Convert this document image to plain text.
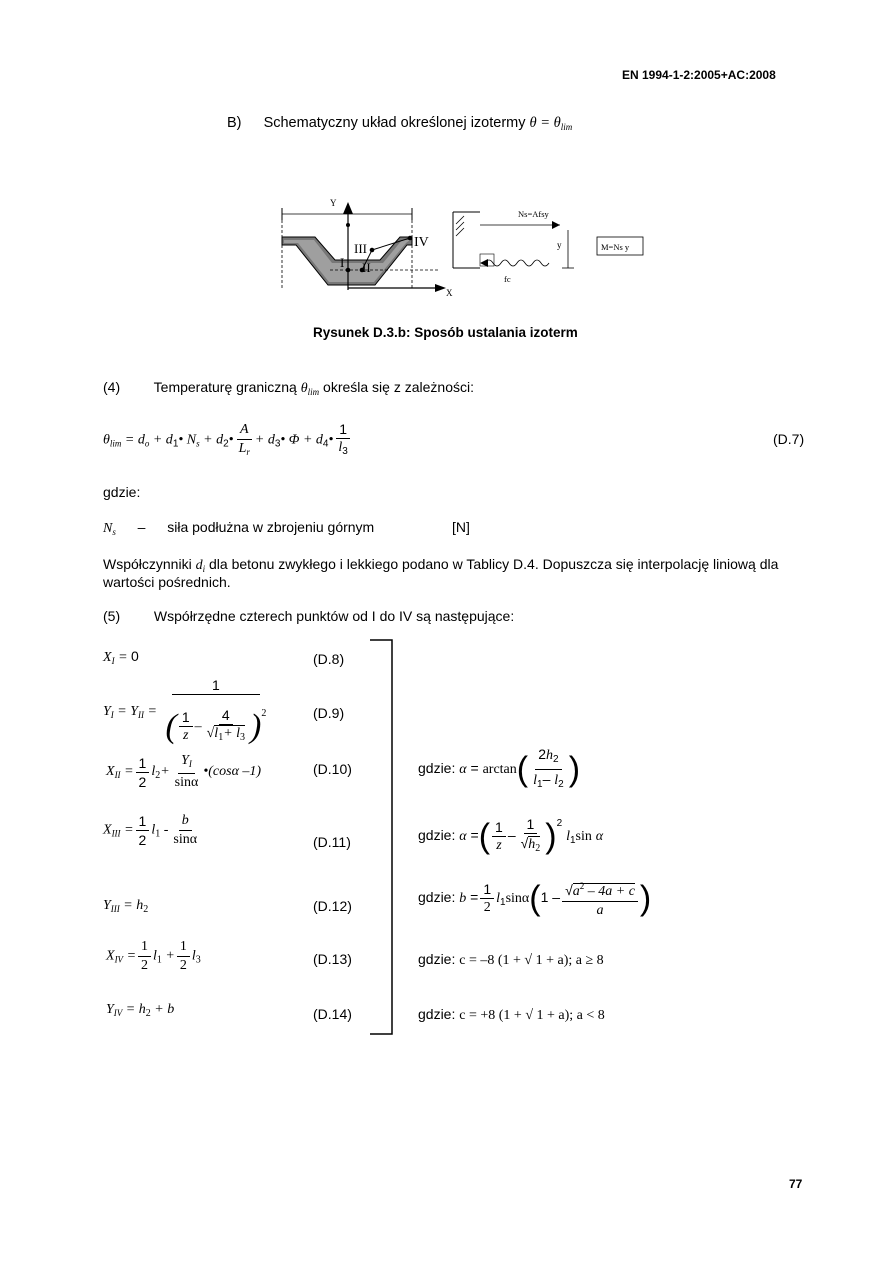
EN 1994-1-2:2005+AC:2008
B) Schematyczny układ określonej izotermy $\theta = \theta_{lim}$
Y
X
I II
III	IV
Ns=Afsy
fc
y	M=Ns y
Rysunek D.3.b: Sposób ustalania izoterm
(4) Temperaturę graniczną $\theta_{lim}$ określa się z zależności:
$\theta_{lim} = d_o$ + $d_1•$ $N_s$ + $d_2• \frac{A}{L_r}$ + $d_3•$ $\Phi + d_4• \frac{1}{l_3}$	(D.7)
gdzie:
$N_s$ – siła podłużna w zbrojeniu górnym	[N]
Współczynniki $d_i$ dla betonu zwykłego i lekkiego podano w Tablicy D.4. Dopuszcza się interpolację liniową dla
wartości pośrednich.
(5) Współrzędne czterech punktów od I do IV są następujące:
$X_I = 0$	(D.8)
$Y_I = Y_{II} = \frac{1}{( \frac{1}{z} - \frac{4}{√l_1+ l_3} )^2}$	(D.9)
$X_{II} = \frac{1}{2} l_2+ \frac{Y_I}{\sin\alpha}$ •(cosα –1)	(D.10)	gdzie: $\alpha = \arctan( \frac{2h_2}{l_1- l_2}$ )
$X_{III} = \frac{1}{2} l_1 - \frac{b}{\sin\alpha}$	(D.11)	gdzie: α =( $\frac{1}{z} - \frac{1}{√h_2} )^2$ $l_1\sin$ α
$Y_{III} = h_2$	(D.12)
gdzie: $b = \frac{1}{2} l_1\sin\alpha(1 - \frac{√a^2 - 4a + c}{a}$ )
$X_{IV} = \frac{1}{2} l_1 + \frac{1}{2} l_3$	(D.13)	gdzie: c = –8 (1 + √ 1 + a); a ≥ 8
$Y_{IV} = h_2 + b$	(D.14)	gdzie: c = +8 (1 + √ 1 + a); a < 8
77
